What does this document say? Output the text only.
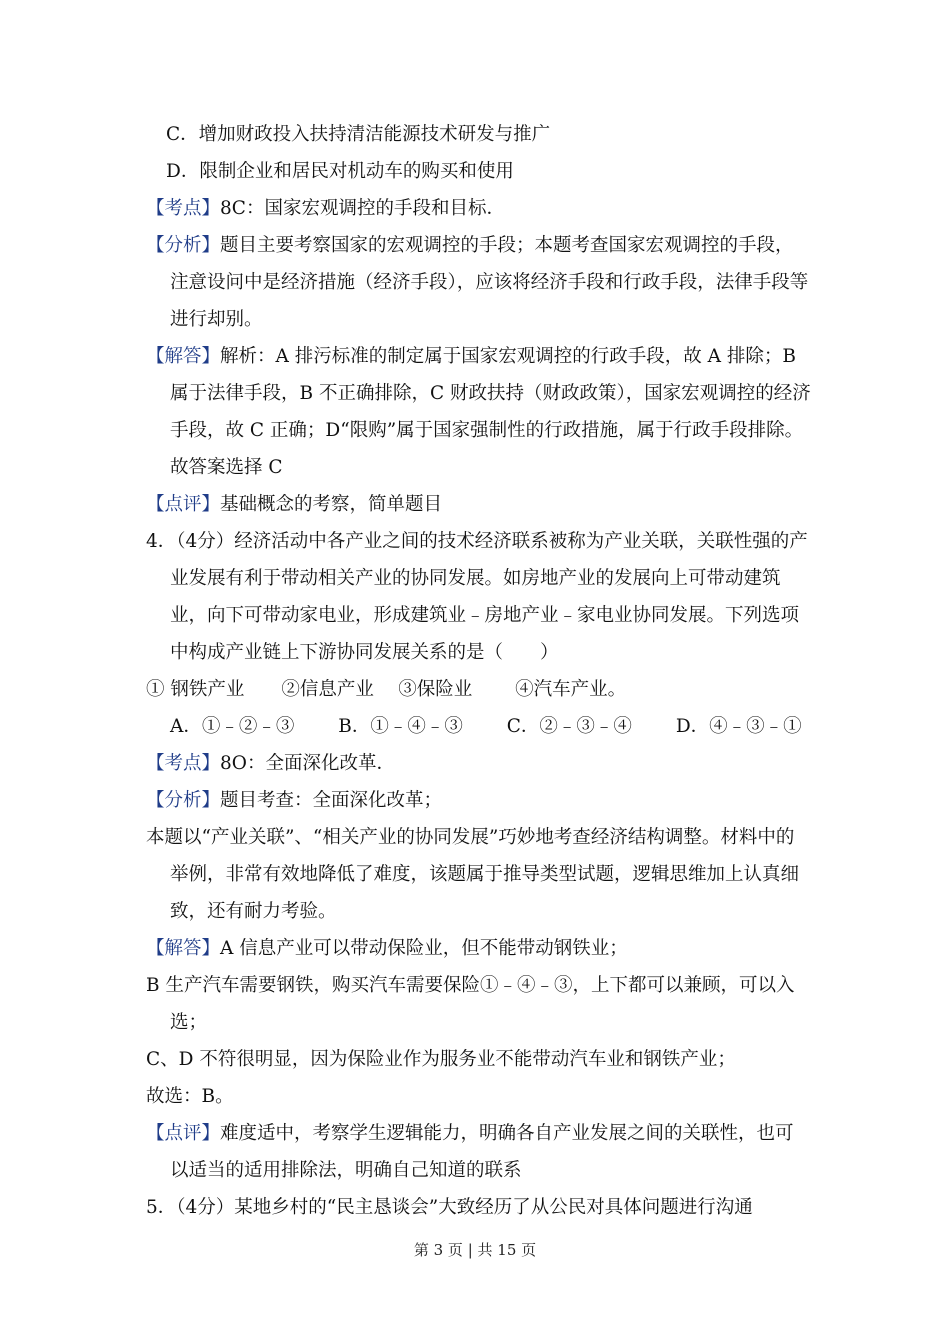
C．增加财政投入扶持清洁能源技术研发与推广
D．限制企业和居民对机动车的购买和使用
【考点】8C：国家宏观调控的手段和目标．
【分析】题目主要考察国家的宏观调控的手段；本题考查国家宏观调控的手段，注意设问中是经济措施（经济手段），应该将经济手段和行政手段，法律手段等进行却别。
【解答】解析：A 排污标准的制定属于国家宏观调控的行政手段，故 A 排除；B 属于法律手段，B 不正确排除，C 财政扶持（财政政策），国家宏观调控的经济手段，故 C 正确；D“限购”属于国家强制性的行政措施，属于行政手段排除。故答案选择 C
【点评】基础概念的考察，简单题目
4．（4分）经济活动中各产业之间的技术经济联系被称为产业关联，关联性强的产业发展有利于带动相关产业的协同发展。如房地产业的发展向上可带动建筑业，向下可带动家电业，形成建筑业﹣房地产业﹣家电业协同发展。下列选项中构成产业链上下游协同发展关系的是（　　）
① 钢铁产业　　②信息产业　 ③保险业　　 ④汽车产业。
A．①﹣②﹣③ B．①﹣④﹣③ C．②﹣③﹣④ D．④﹣③﹣①
【考点】8O：全面深化改革．
【分析】题目考查：全面深化改革；
本题以“产业关联”、“相关产业的协同发展”巧妙地考查经济结构调整。材料中的举例，非常有效地降低了难度，该题属于推导类型试题，逻辑思维加上认真细致，还有耐力考验。
【解答】A 信息产业可以带动保险业，但不能带动钢铁业；
B 生产汽车需要钢铁，购买汽车需要保险①﹣④﹣③，上下都可以兼顾，可以入选；
C、D 不符很明显，因为保险业作为服务业不能带动汽车业和钢铁产业；
故选：B。
【点评】难度适中，考察学生逻辑能力，明确各自产业发展之间的关联性，也可以适当的适用排除法，明确自己知道的联系
5．（4分）某地乡村的“民主恳谈会”大致经历了从公民对具体问题进行沟通
第 3 页 | 共 15 页
